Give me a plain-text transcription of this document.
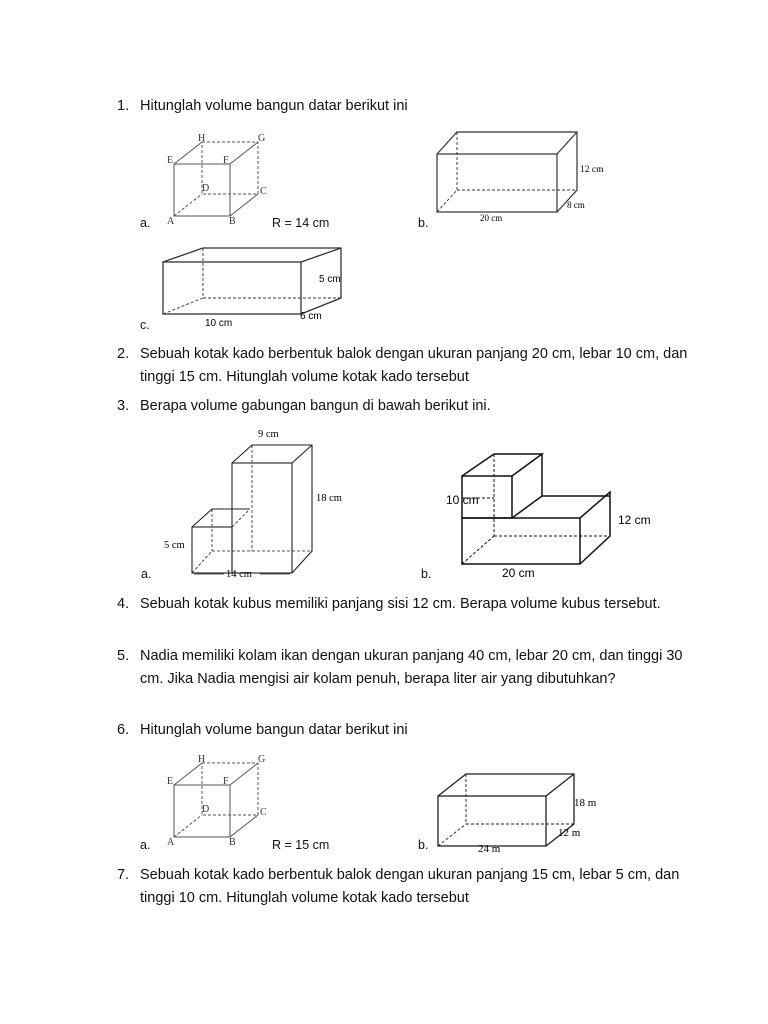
1. Hitunglah volume bangun datar berikut ini
A	B
C
D
E	F
G
H
a.	R = 14 cm
12 cm
20 cm
8 cm
b.
5 cm
10 cm
6 cm
c.
2. Sebuah kotak kado berbentuk balok dengan ukuran panjang 20 cm, lebar 10 cm, dan tinggi 15 cm. Hitunglah volume kotak kado tersebut
3. Berapa volume gabungan bangun di bawah berikut ini.
9 cm
18 cm
5 cm
14 cm
a.
10 cm
12 cm
20 cm
b.
4. Sebuah kotak kubus memiliki panjang sisi 12 cm. Berapa volume kubus tersebut.
5. Nadia memiliki kolam ikan dengan ukuran panjang 40 cm, lebar 20 cm, dan tinggi 30 cm. Jika Nadia mengisi air kolam penuh, berapa liter air yang dibutuhkan?
6. Hitunglah volume bangun datar berikut ini
A	B
C
D
E	F
G
H
a.	R = 15 cm
18 m
12 m
24 m
b.
7. Sebuah kotak kado berbentuk balok dengan ukuran panjang 15 cm, lebar 5 cm, dan tinggi 10 cm. Hitunglah volume kotak kado tersebut
